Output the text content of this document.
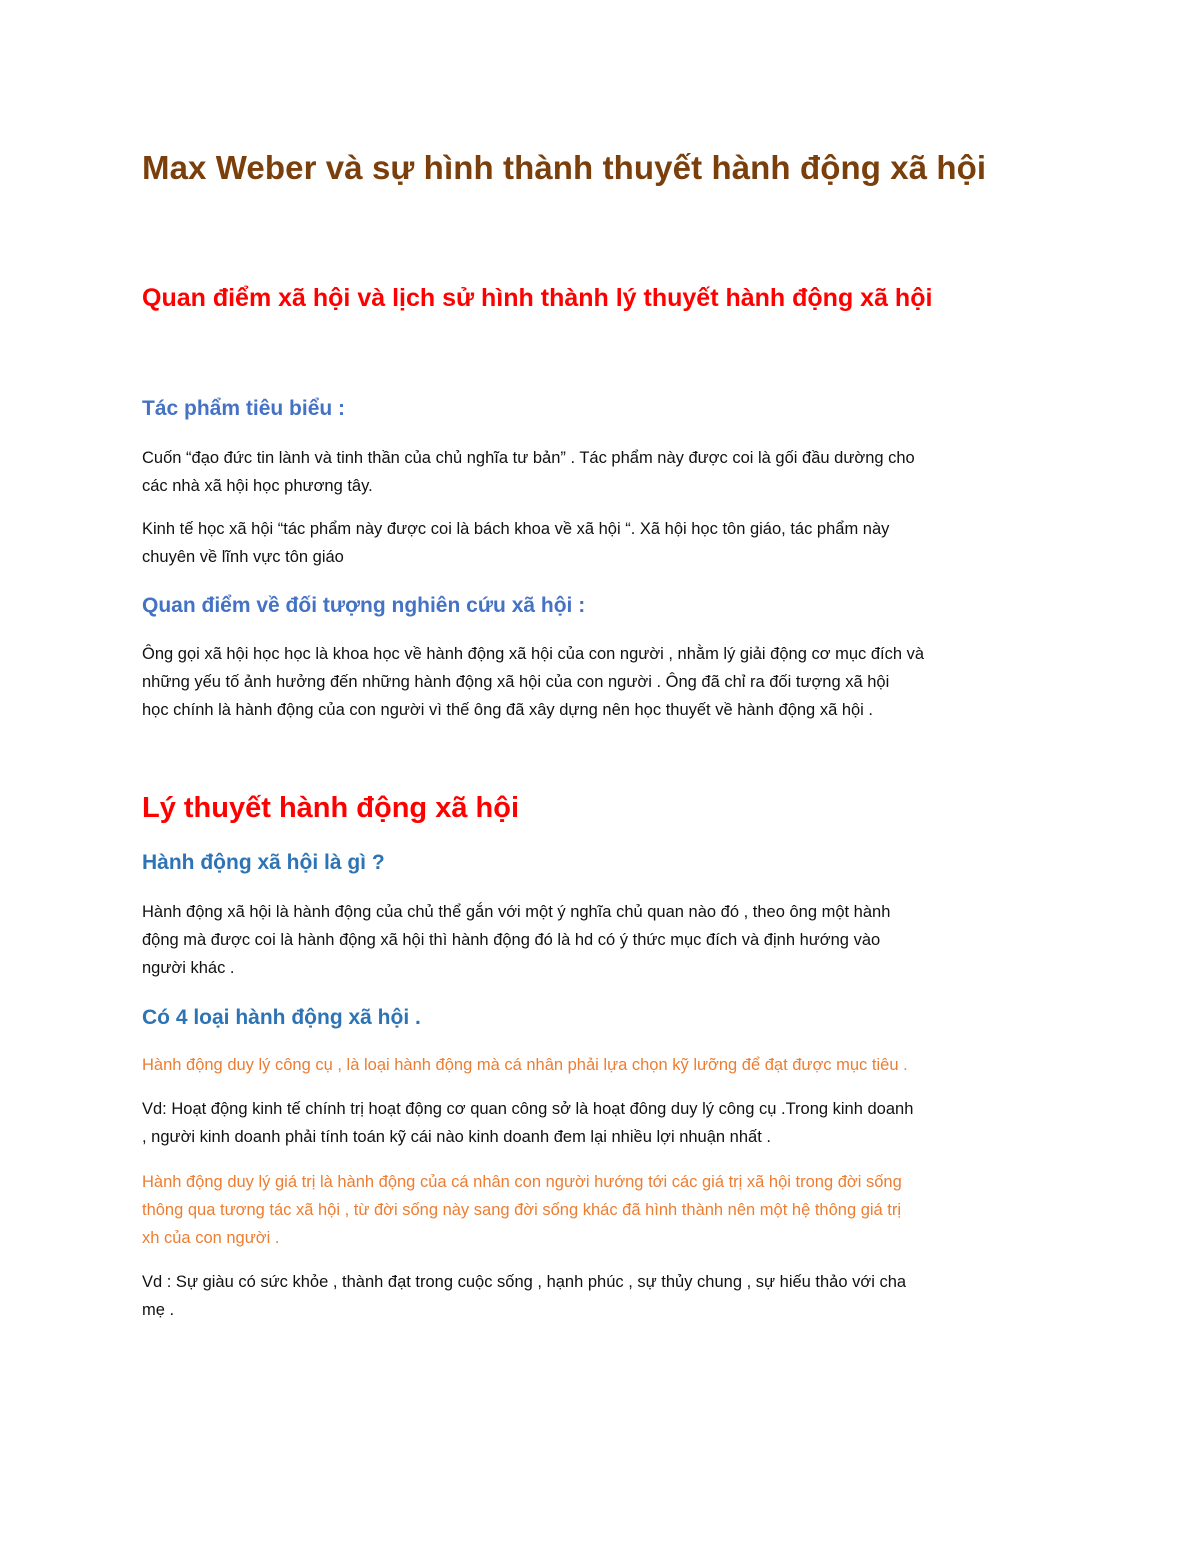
Max Weber và sự hình thành thuyết hành động xã hội
Quan điểm xã hội và lịch sử hình thành lý thuyết hành động xã hội
Tác phẩm tiêu biểu :

Cuốn “đạo đức tin lành và tinh thần của chủ nghĩa tư bản” . Tác phẩm này được coi là gối đầu dường cho
các nhà xã hội học phương tây.

Kinh tế học xã hội “tác phẩm này được coi là bách khoa về xã hội “. Xã hội học tôn giáo, tác phẩm này
chuyên về lĩnh vực tôn giáo

Quan điểm về đối tượng nghiên cứu xã hội :

Ông gọi xã hội học học là khoa học về hành động xã hội của con người , nhằm lý giải động cơ mục đích và
những yếu tố ảnh hưởng đến những hành động xã hội của con người . Ông đã chỉ ra đối tượng xã hội
học chính là hành động của con người vì thế ông đã xây dựng nên học thuyết về hành động xã hội .

Lý thuyết hành động xã hội
Hành động xã hội là gì ?

Hành động xã hội là hành động của chủ thể gắn với một ý nghĩa chủ quan nào đó , theo ông một hành
động mà được coi là hành động xã hội thì hành động đó là hd có ý thức mục đích và định hướng vào
người khác .

Có 4 loại hành động xã hội .

Hành động duy lý công cụ , là loại hành động mà cá nhân phải lựa chọn kỹ lưỡng để đạt được mục tiêu .

Vd: Hoạt động kinh tế chính trị hoạt động cơ quan công sở là hoạt đông duy lý công cụ .Trong kinh doanh
, người kinh doanh phải tính toán kỹ cái nào kinh doanh đem lại nhiều lợi nhuận nhất .

Hành động duy lý giá trị là hành động của cá nhân con người hướng tới các giá trị xã hội trong đời sống
thông qua tương tác xã hội , từ đời sống này sang đời sống khác đã hình thành nên một hệ thông giá trị
xh của con người .

Vd : Sự giàu có sức khỏe , thành đạt trong cuộc sống , hạnh phúc , sự thủy chung , sự hiếu thảo với cha
mẹ .
